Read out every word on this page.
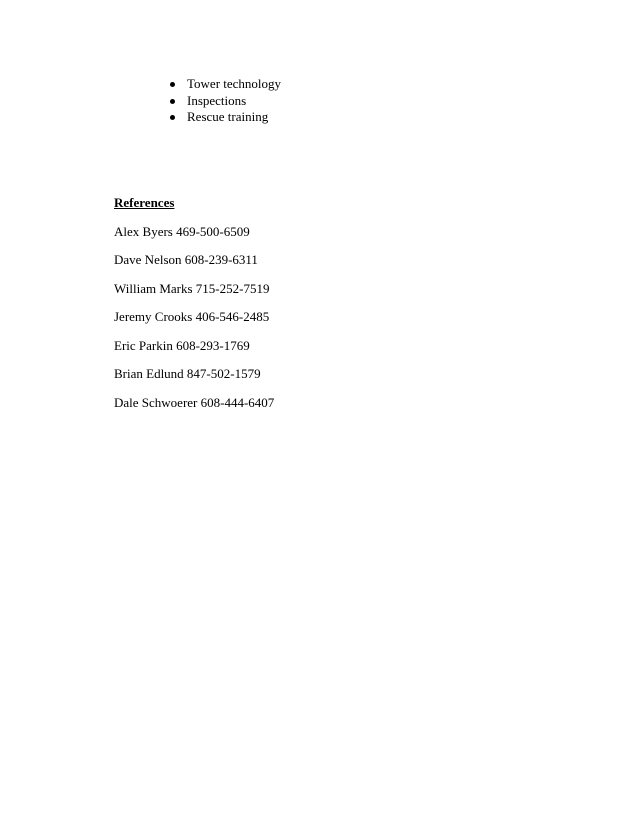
Tower technology
Inspections
Rescue training
References
Alex Byers 469-500-6509
Dave Nelson 608-239-6311
William Marks 715-252-7519
Jeremy Crooks 406-546-2485
Eric Parkin 608-293-1769
Brian Edlund 847-502-1579
Dale Schwoerer 608-444-6407
